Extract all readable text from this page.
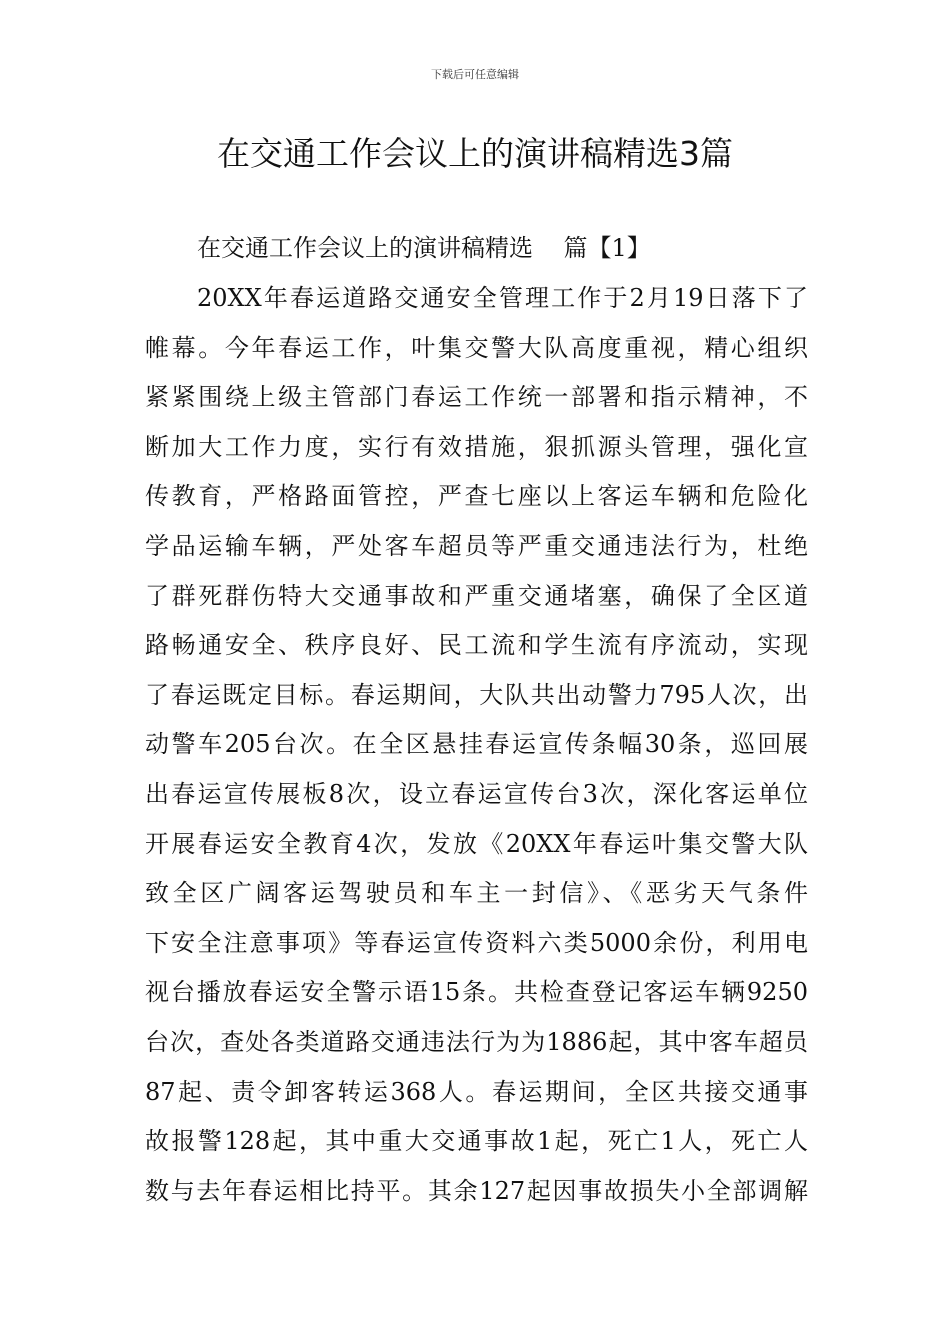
下载后可任意编辑
在交通工作会议上的演讲稿精选3篇
在交通工作会议上的演讲稿精选    篇【1】
20XX年春运道路交通安全管理工作于2月19日落下了
帷幕。今年春运工作，叶集交警大队高度重视，精心组织
紧紧围绕上级主管部门春运工作统一部署和指示精神，不
断加大工作力度，实行有效措施，狠抓源头管理，强化宣
传教育，严格路面管控，严查七座以上客运车辆和危险化
学品运输车辆，严处客车超员等严重交通违法行为，杜绝
了群死群伤特大交通事故和严重交通堵塞，确保了全区道
路畅通安全、秩序良好、民工流和学生流有序流动，实现
了春运既定目标。春运期间，大队共出动警力795人次，出
动警车205台次。在全区悬挂春运宣传条幅30条，巡回展
出春运宣传展板8次，设立春运宣传台3次，深化客运单位
开展春运安全教育4次，发放《20XX年春运叶集交警大队
致全区广阔客运驾驶员和车主一封信》、《恶劣天气条件
下安全注意事项》等春运宣传资料六类5000余份，利用电
视台播放春运安全警示语15条。共检查登记客运车辆9250
台次，查处各类道路交通违法行为为1886起，其中客车超员
87起、责令卸客转运368人。春运期间，全区共接交通事
故报警128起，其中重大交通事故1起，死亡1人，死亡人
数与去年春运相比持平。其余127起因事故损失小全部调解
